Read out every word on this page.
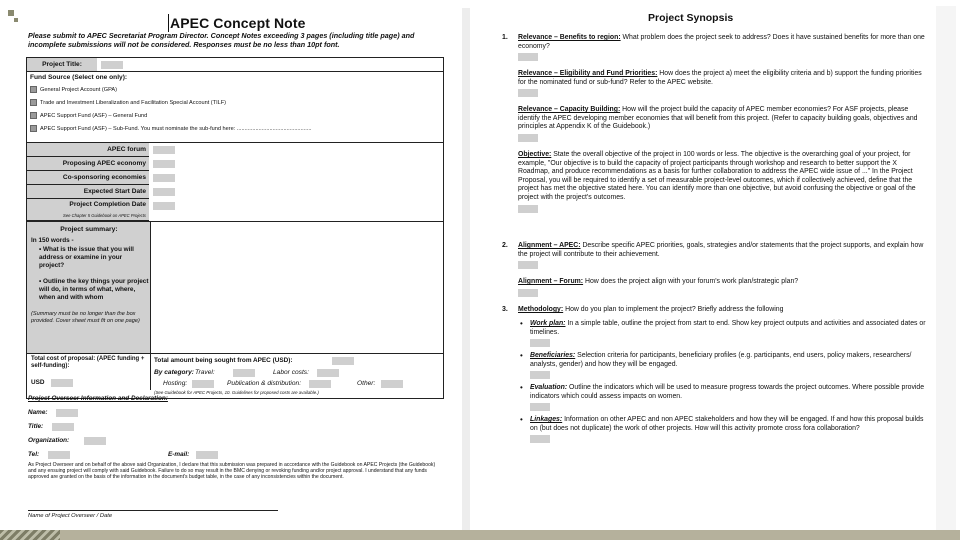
APEC Concept Note
Please submit to APEC Secretariat Program Director. Concept Notes exceeding 3 pages (including title page) and incomplete submissions will not be considered. Responses must be no less than 10pt font.
Project Title:
Fund Source (Select one only):
General Project Account (GPA)
Trade and Investment Liberalization and Facilitation Special Account (TILF)
APEC Support Fund (ASF) – General Fund
APEC Support Fund (ASF) – Sub-Fund. You must nominate the sub-fund here: ................................................
APEC forum
Proposing APEC economy
Co-sponsoring economies
Expected Start Date
Project Completion Date
See Chapter 5 Guidebook on APEC Projects
Project summary:
In 150 words -
• What is the issue that you will address or examine in your project?
• Outline the key things your project will do, in terms of what, where, when and with whom
(Summary must be no longer than the box provided. Cover sheet must fit on one page)
Total cost of proposal: (APEC funding + self-funding):
USD
Total amount being sought from APEC (USD):
By category: Travel:	Labor costs:
Hosting:	Publication & distribution:	Other:
(See Guidebook for APEC Projects, 10. Guidelines for proposed costs are available.)
Project Overseer Information and Declaration:
Name:
Title:
Organization:
Tel:	E-mail:
As Project Overseer and on behalf of the above said Organization, I declare that this submission was prepared in accordance with the Guidebook on APEC Projects (the Guidebook) and any ensuing project will comply with said Guidebook. Failure to do so may result in the BMC denying or revoking funding and/or project approval. I understand that any funds approved are granted on the basis of the information in the document's budget table, in the case of any inconsistencies within the document.
Name of Project Overseer / Date
Project Synopsis
1. Relevance – Benefits to region: What problem does the project seek to address? Does it have sustained benefits for more than one economy?
Relevance – Eligibility and Fund Priorities: How does the project a) meet the eligibility criteria and b) support the funding priorities for the nominated fund or sub-fund? Refer to the APEC website.
Relevance – Capacity Building: How will the project build the capacity of APEC member economies? For ASF projects, please identify the APEC developing member economies that will benefit from this project. (Refer to capacity building goals, objectives and principles at Appendix K of the Guidebook.)
Objective: State the overall objective of the project in 100 words or less. The objective is the overarching goal of your project, for example, "Our objective is to build the capacity of project participants through workshop and research to better support the X Roadmap, and produce recommendations as a basis for further collaboration to address the APEC wide issue of ..." In the Project Proposal, you will be required to identify a set of measurable project-level outcomes, which if collectively achieved, define that the project has met the objective stated here. You can identify more than one objective, but avoid confusing the objective or goal of the project with the project's outcomes.
2. Alignment – APEC: Describe specific APEC priorities, goals, strategies and/or statements that the project supports, and explain how the project will contribute to their achievement.
Alignment – Forum: How does the project align with your forum's work plan/strategic plan?
3. Methodology: How do you plan to implement the project? Briefly address the following
• Work plan: In a simple table, outline the project from start to end. Show key project outputs and activities and associated dates or timelines.
• Beneficiaries: Selection criteria for participants, beneficiary profiles (e.g. participants, end users, policy makers, researchers/ analysts, gender) and how they will be engaged.
• Evaluation: Outline the indicators which will be used to measure progress towards the project outcomes. Where possible provide indicators which could assess impacts on women.
• Linkages: Information on other APEC and non APEC stakeholders and how they will be engaged. If and how this proposal builds on (but does not duplicate) the work of other projects. How will this activity promote cross fora collaboration?
